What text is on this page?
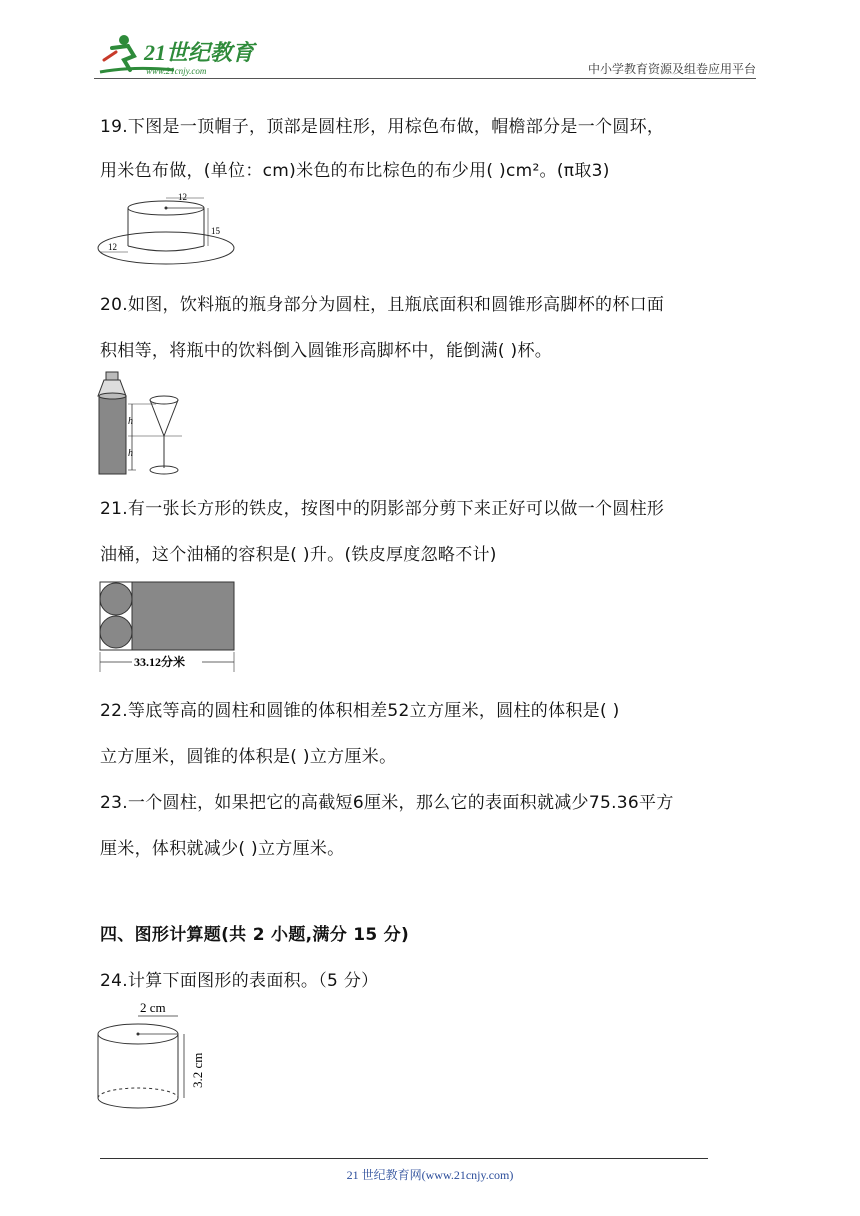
21世纪教育
www.21cnjy.com	中小学教育资源及组卷应用平台
19.下图是一顶帽子，顶部是圆柱形，用棕色布做，帽檐部分是一个圆环，
用米色布做，(单位：cm)米色的布比棕色的布少用( )cm²。(π取3)
12
15
12
20.如图，饮料瓶的瓶身部分为圆柱，且瓶底面积和圆锥形高脚杯的杯口面
积相等，将瓶中的饮料倒入圆锥形高脚杯中，能倒满( )杯。
h
h
21.有一张长方形的铁皮，按图中的阴影部分剪下来正好可以做一个圆柱形
油桶，这个油桶的容积是( )升。(铁皮厚度忽略不计)
33.12分米
22.等底等高的圆柱和圆锥的体积相差52立方厘米，圆柱的体积是( )
立方厘米，圆锥的体积是( )立方厘米。
23.一个圆柱，如果把它的高截短6厘米，那么它的表面积就减少75.36平方
厘米，体积就减少( )立方厘米。
四、图形计算题(共 2 小题,满分 15 分)
24.计算下面图形的表面积。（5 分）
2 cm
3.2 cm
21 世纪教育网(www.21cnjy.com)
